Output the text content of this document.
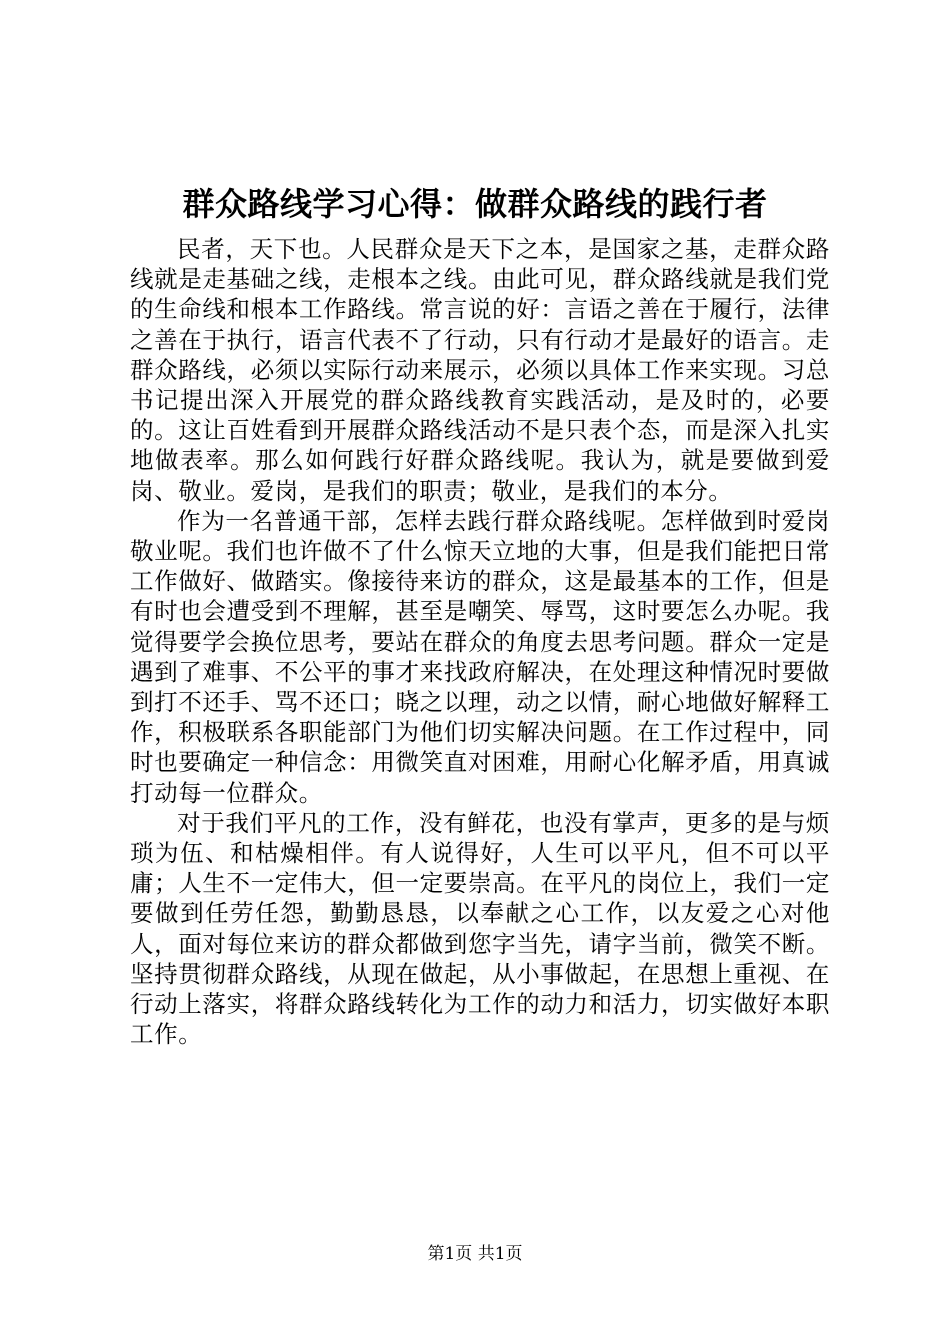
群众路线学习心得：做群众路线的践行者

民者，天下也。人民群众是天下之本，是国家之基，走群众路线就是走基础之线，走根本之线。由此可见，群众路线就是我们党的生命线和根本工作路线。常言说的好：言语之善在于履行，法律之善在于执行，语言代表不了行动，只有行动才是最好的语言。走群众路线，必须以实际行动来展示，必须以具体工作来实现。习总书记提出深入开展党的群众路线教育实践活动，是及时的，必要的。这让百姓看到开展群众路线活动不是只表个态，而是深入扎实地做表率。那么如何践行好群众路线呢。我认为，就是要做到爱岗、敬业。爱岗，是我们的职责；敬业，是我们的本分。

作为一名普通干部，怎样去践行群众路线呢。怎样做到时爱岗敬业呢。我们也许做不了什么惊天立地的大事，但是我们能把日常工作做好、做踏实。像接待来访的群众，这是最基本的工作，但是有时也会遭受到不理解，甚至是嘲笑、辱骂，这时要怎么办呢。我觉得要学会换位思考，要站在群众的角度去思考问题。群众一定是遇到了难事、不公平的事才来找政府解决，在处理这种情况时要做到打不还手、骂不还口；晓之以理，动之以情，耐心地做好解释工作，积极联系各职能部门为他们切实解决问题。在工作过程中，同时也要确定一种信念：用微笑直对困难，用耐心化解矛盾，用真诚打动每一位群众。

对于我们平凡的工作，没有鲜花，也没有掌声，更多的是与烦琐为伍、和枯燥相伴。有人说得好，人生可以平凡，但不可以平庸；人生不一定伟大，但一定要崇高。在平凡的岗位上，我们一定要做到任劳任怨，勤勤恳恳，以奉献之心工作，以友爱之心对他人，面对每位来访的群众都做到您字当先，请字当前，微笑不断。坚持贯彻群众路线，从现在做起，从小事做起，在思想上重视、在行动上落实，将群众路线转化为工作的动力和活力，切实做好本职工作。

第1页 共1页
